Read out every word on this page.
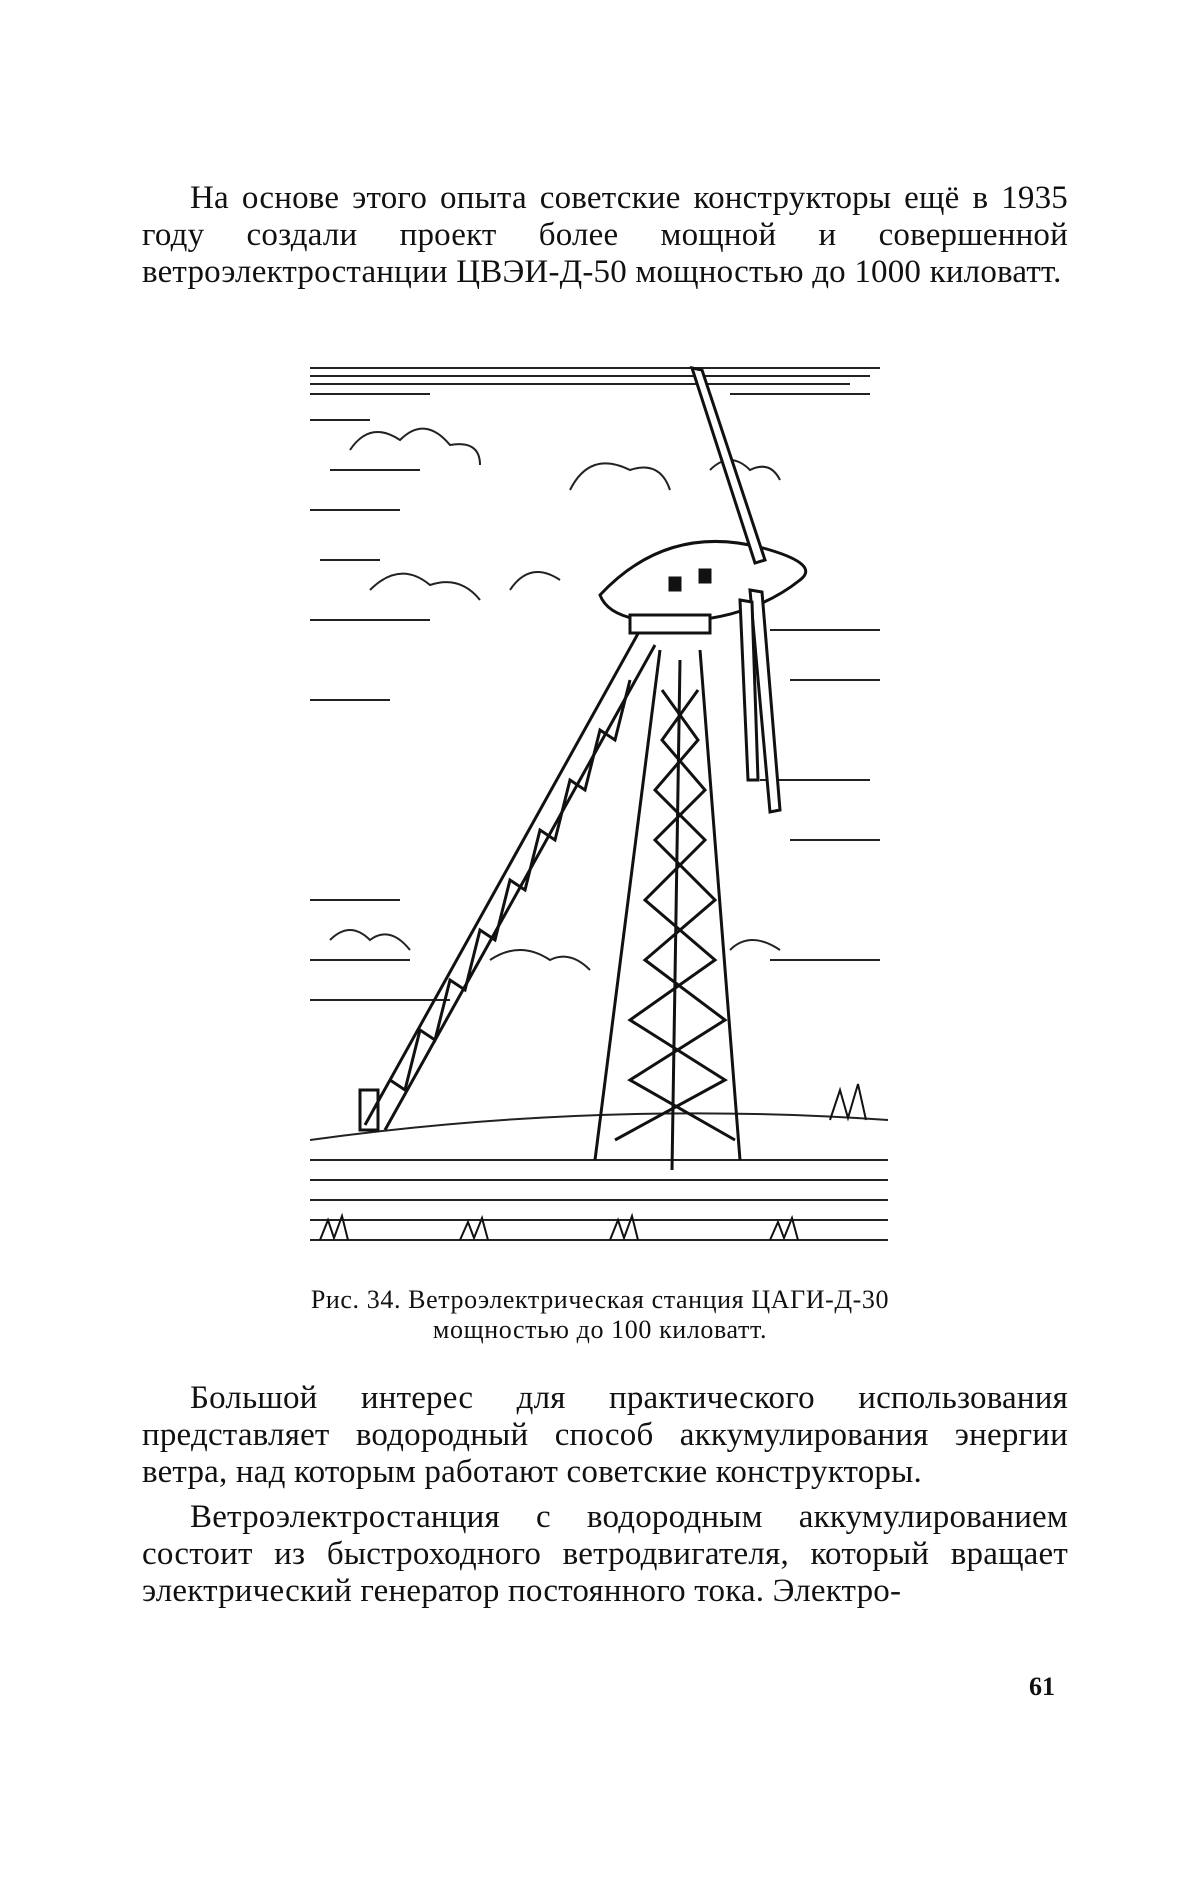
На основе этого опыта советские конструкторы ещё в 1935 году создали проект более мощной и совершенной ветроэлектростанции ЦВЭИ-Д-50 мощностью до 1000 киловатт.
Рис. 34. Ветроэлектрическая станция ЦАГИ-Д-30
мощностью до 100 киловатт.
Большой интерес для практического использования представляет водородный способ аккумулирования энергии ветра, над которым работают советские конструкторы.
Ветроэлектростанция с водородным аккумулированием состоит из быстроходного ветродвигателя, который вращает электрический генератор постоянного тока. Электро-
61
